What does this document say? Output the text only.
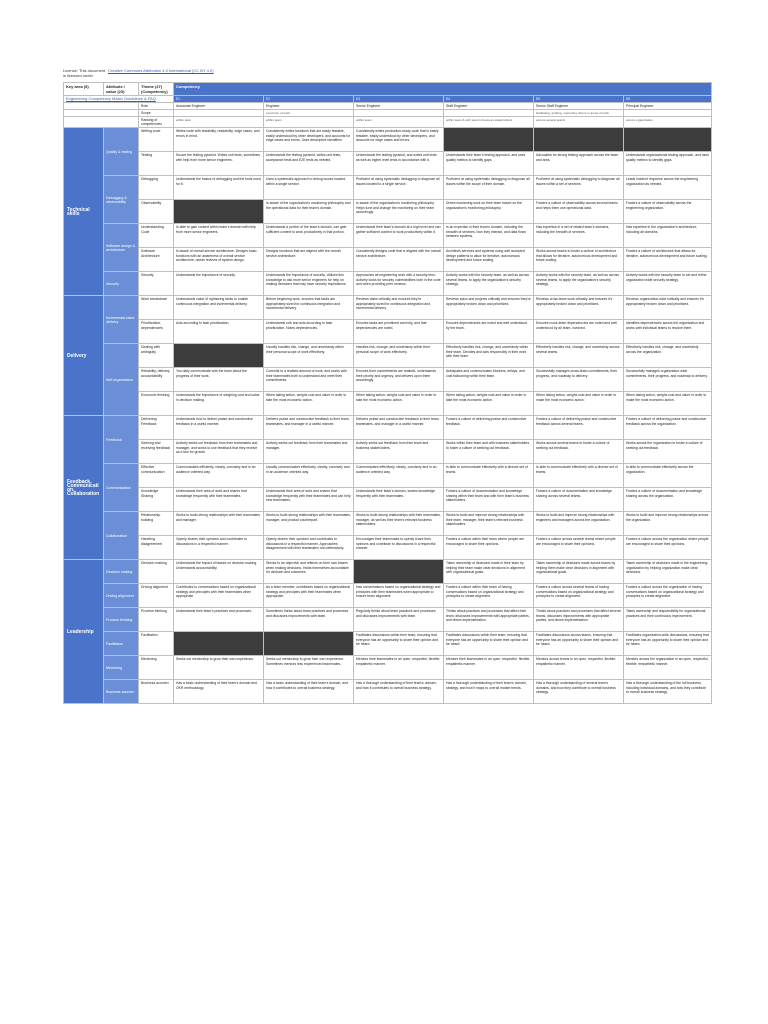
License: This document is licensed under
Creative Commons Attribution 4.0 International (CC BY 4.0)
Key area (5)	Attribute / value (23)	Theme (27) (Competency)	Competency					
Engineering Competency Matrix Guidelines & FAQ			E1	E2	E3	E4	E5	E6
		Role	Associate Engineer	Engineer	Senior Engineer	Staff Engineer	Senior Staff Engineer	Principal Engineer
		Scope		execution of work			facilitating, guiding, mentoring others in areas of work	
		Ranking of competencies	within task	within team	within team	within team & with team's business stakeholders	across several teams	across organization
Technical skills	Quality & testing	Writing code	Writes code with testability, readability, edge cases, and errors in mind.	Consistently writes functions that are easily testable, easily understood by other developers, and accounts for edge cases and errors. Uses descriptive identifiers.	Consistently writes production-ready code that is easily testable, easily understood by other developers, and accounts for edge cases and errors.			
		Testing	Knows the testing pyramid. Writes unit tests, sometimes with help from more senior engineers.	Understands the testing pyramid, writes unit tests, acceptance tests and E2E tests as needed.	Understands the testing pyramid, and writes unit tests as well as higher level tests in accordance with it.	Understands their team's testing approach, and uses quality metrics to identify gaps.	Advocates for strong testing approach across the team and area.	Understands organizational testing approach, and uses quality metrics to identify gaps.
	Debugging & observability	Debugging	Understands the basics of debugging and the tools used for it.	Uses a systematic approach to debug issues located within a single service.	Proficient at using systematic debugging to diagnose all issues located to a single service.	Proficient at using systematic debugging to diagnose all issues within the scope of their domain.	Proficient at using systematic debugging to diagnose all issues within a set of services.	Leads incident response across the engineering organization as needed.
		Observability		Is aware of the organization's monitoring philosophy and the operational data for their team's domain.	Is aware of the organization's monitoring philosophy. Helps tune and change the monitoring on their team accordingly.	Drives monitoring work on their team based on the organization's monitoring philosophy.	Fosters a culture of observability across several teams and helps them use operational data.	Fosters a culture of observability across the engineering organization.
	Software design & architecture	Understanding Code	Is able to gain context within team's domain with help from more senior engineers.	Understands a portion of the team's domain, can gain sufficient context to work productively in that portion.	Understands their team's domain at a high level and can gather sufficient context to work productively within it.	Is an expertise in their team's domain, including the breadth of services, how they interact, and data flows between systems.	Has expertise in a set of related team's domains, including the breadth of services.	Has expertise in the organization's architecture, including all domains.
		Software Architecture	Is aware of overall service architecture. Designs basic functions with an awareness of overall service architecture, needs reviews of system design.	Designs functions that are aligned with the overall service architecture.	Consistently designs code that is aligned with the overall service architecture.	Architects services and systems using well accepted design patterns to allow for iterative, autonomous development and future scaling.	Works across teams to foster a culture of architecture that allows for iterative, autonomous development and future scaling.	Fosters a culture of architecture that allows for iterative, autonomous development and future scaling.
	Security	Security	Understands the importance of security.	Understands the importance of security. Utilizes this knowledge to ask more senior engineers for help on making decisions that may have security implications.	Approaches all engineering work with a security lens. Actively looks for security vulnerabilities both in the code and when providing peer reviews.	Actively works with the security team, as well as across several teams, to apply the organization's security strategy.	Actively works with the security team, as well as across several teams, to apply the organization's security strategy.	Actively works with the security team to set and refine organization wide security strategy.
Delivery	Incremental value delivery	Work breakdown	Understands value of rightsizing tasks to enable continuous integration and incremental delivery.	Before beginning work, ensures that tasks are appropriately sized for continuous integration and incremental delivery.	Reviews tasks critically and ensures they're appropriately sized for continuous integration and incremental delivery.	Reviews epics and projects critically and ensures they're appropriately broken down and prioritized.	Reviews cross-team work critically and ensures it's appropriately broken down and prioritized.	Reviews organization-wide critically and ensures it's appropriately broken down and prioritized.
		Prioritization, dependencies	Acts according to task prioritization.	Understands role and acts according to task prioritization. Notes dependencies.	Ensures tasks are prioritized correctly, and that dependencies are noted.	Ensures dependencies are noted and well understood by the team.	Ensures cross-team dependencies are noted and well understood by all team, involved.	Identifies dependencies across the organization and works with individual teams to resolve them.
	Self-organization	Dealing with ambiguity		Usually handles risk, change, and uncertainty within their personal scope of work effectively.	Handles risk, change, and uncertainty within their personal scope of work effectively.	Effectively handles risk, change, and uncertainty within their team. Decides and acts responsibly in their work with their team.	Effectively handles risk, change, and uncertainty across several teams.	Effectively handles risk, change, and uncertainty across the organization.
		Reliability, delivery accountability	You daily communicate with the team about the progress of their work.	Commits to a realistic amount of work, and works with their teammates both to understand and meet their commitments.	Ensures their commitments are realistic, understands their priority and urgency, and delivers upon them accordingly.	Anticipates and communicates blockers, delays, and cost ballooning within their team.	Successfully manages cross-team commitments, their progress, and roadmap to delivery.	Successfully manages organization-wide commitments, their progress, and roadmap to delivery.
		Economic thinking	Understands the importance of weighing cost and value in decision making.	When taking action, weighs cost and value in order to take the most economic action.	When taking action, weighs cost and value in order to take the most economic action.	When taking action, weighs cost and value in order to take the most economic action.	When taking action, weighs cost and value in order to make the most economic action.	When taking action, weighs cost and value in order to make the most economic action.
Feedback, Communication, Collaboration	Feedback	Delivering Feedback	Understands how to deliver praise and constructive feedback in a useful manner.	Delivers praise and constructive feedback to their team, teammates, and manager in a useful manner.	Delivers praise and constructive feedback to their team, teammates, and manager in a useful manner.	Fosters a culture of delivering praise and constructive feedback.	Fosters a culture of delivering praise and constructive feedback across several teams.	Fosters a culture of delivering praise and constructive feedback across the organization.
		Seeking and receiving feedback	Actively seeks out feedback from their teammates and manager, and works to use feedback that they receive as a tool for growth.	Actively seeks out feedback from their teammates and manager.	Actively seeks out feedback from their team and business stakeholders.	Works within their team and with business stakeholders to foster a culture of seeking out feedback.	Works across several teams to foster a culture of seeking out feedback.	Works across the organization to foster a culture of seeking out feedback.
	Communication	Effective communication	Communicates efficiently, clearly, concisely and in an audience oriented way.	Usually communicates effectively, clearly, concisely and in an audience oriented way.	Communicates effectively, clearly, concisely and in an audience oriented way.	Is able to communicate effectively with a diverse set of teams.	Is able to communicate effectively with a diverse set of teams.	Is able to communicate effectively across the organization.
		Knowledge Sharing	Understands their area of work and shares that knowledge frequently with their teammates.	Understands their area of work and shares that knowledge frequently with their teammates and can help new teammates.	Understands their team's domain, shares knowledge frequently with their teammates.	Fosters a culture of documentation and knowledge sharing within their team and with their team's business stakeholders.	Fosters a culture of documentation and knowledge sharing across several teams.	Fosters a culture of documentation and knowledge sharing across the organization.
	Collaboration	Relationship building	Works to build strong relationships with their teammates and manager.	Works to build strong relationships with their teammates, manager, and product counterpart.	Works to build strong relationships with their teammates, manager, as well as their team's relevant business stakeholders.	Works to build and improve strong relationships with their team, manager, their team's relevant business stakeholders.	Works to build and improve strong relationships with engineers and managers across the organization.	Works to build and improve strong relationships across the organization.
		Handling disagreement	Openly shares their opinions and contributes to discussions in a respectful manner.	Openly shares their opinions and contributes to discussions in a respectful manner. Approaches disagreement with their teammates non-defensively.	Encourages their teammates to openly share their opinions and contribute to discussions in a respectful manner.	Fosters a culture within their team where people are encouraged to share their opinions.	Fosters a culture across several teams where people are encouraged to share their opinions.	Fosters a culture across the organization where people are encouraged to share their opinions.
Leadership	Decision making	Decision making	Understands the impact of biases on decision making. Understands accountability.	Strives to be objective and reflects on their own biases when making decisions. Holds themselves accountable for decision and outcomes.		Takes ownership of decisions made in their team by helping their team make clear decisions in alignment with organizational goals.	Takes ownership of decisions made across teams by helping them make clear decisions in alignment with organizational goals.	Takes ownership of decisions made in the engineering organization by helping organization make clear decisions.
	Driving alignment	Driving alignment	Contributes to conversations based on organizational strategy and principles with their teammates when appropriate.	As a team member, contributes based on organizational strategy and principles with their teammates when appropriate.	Has conversations based on organizational strategy and principles with their teammates when appropriate to ensure team alignment.	Fosters a culture within their team of having conversations based on organizational strategy and principles to create alignment.	Fosters a culture across several teams of having conversations based on organizational strategy and principles to create alignment.	Fosters a culture across the organization of having conversations based on organizational strategy and principles to create alignment.
	Process thinking	Process thinking	Understands their team's practices and processes.	Sometimes thinks about team practices and processes and discusses improvements with team.	Regularly thinks about team practices and processes and discusses improvements with team.	Thinks about practices and processes that affect their team, discusses improvements with appropriate parties, and drives implementation.	Thinks about practices and processes that affect several teams, discusses improvements with appropriate parties, and drives implementation.	Takes ownership and responsibility for organizational practices and their continuous improvement.
	Facilitation	Facilitation			Facilitates discussions within their team, ensuring that everyone has an opportunity to share their opinion and be heard.	Facilitates discussions within their team, ensuring that everyone has an opportunity to share their opinion and be heard.	Facilitates discussions across teams, ensuring that everyone has an opportunity to share their opinion and be heard.	Facilitates organization-wide discussions, ensuring that everyone has an opportunity to share their opinion and be heard.
	Mentoring	Mentoring	Seeks out mentorship to grow their own experience.	Seeks out mentorship to grow their own experience. Sometimes mentors less experienced teammates.	Mentors their teammates in an open, respectful, flexible, empathetic manner.	Mentors their teammates in an open, respectful, flexible, empathetic manner.	Mentors across teams in an open, respectful, flexible, empathetic manner.	Mentors across the organization in an open, respectful, flexible, empathetic manner.
	Business acumen	Business acumen	Has a basic understanding of their team's domain and OKR methodology.	Has a basic understanding of their team's domain, and how it contributes to overall business strategy.	Has a thorough understanding of their team's domain, and how it contributes to overall business strategy.	Has a thorough understanding of their team's domain, strategy, and how it maps to overall market trends.	Has a thorough understanding of several team's domains, and how they contribute to overall business strategy.	Has a thorough understanding of the full business, including individual domains, and how they contribute to overall business strategy.
